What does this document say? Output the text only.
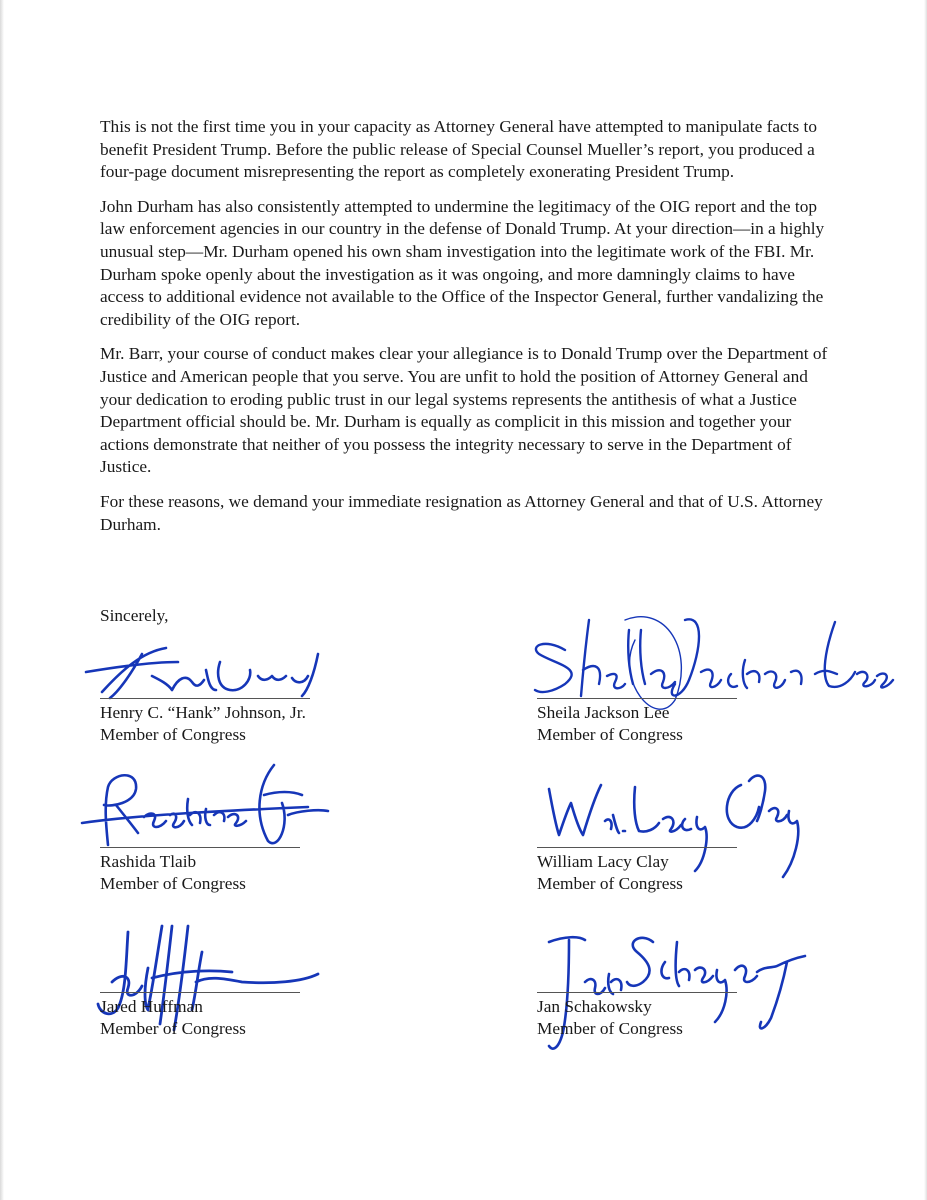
This is not the first time you in your capacity as Attorney General have attempted to manipulate facts to benefit President Trump. Before the public release of Special Counsel Mueller’s report, you produced a four-page document misrepresenting the report as completely exonerating President Trump.

John Durham has also consistently attempted to undermine the legitimacy of the OIG report and the top law enforcement agencies in our country in the defense of Donald Trump. At your direction—in a highly unusual step—Mr. Durham opened his own sham investigation into the legitimate work of the FBI. Mr. Durham spoke openly about the investigation as it was ongoing, and more damningly claims to have access to additional evidence not available to the Office of the Inspector General, further vandalizing the credibility of the OIG report.

Mr. Barr, your course of conduct makes clear your allegiance is to Donald Trump over the Department of Justice and American people that you serve. You are unfit to hold the position of Attorney General and your dedication to eroding public trust in our legal systems represents the antithesis of what a Justice Department official should be. Mr. Durham is equally as complicit in this mission and together your actions demonstrate that neither of you possess the integrity necessary to serve in the Department of Justice.

For these reasons, we demand your immediate resignation as Attorney General and that of U.S. Attorney Durham.

Sincerely,
Henry C. “Hank” Johnson, Jr.
Member of Congress
Sheila Jackson Lee
Member of Congress
Rashida Tlaib
Member of Congress
William Lacy Clay
Member of Congress
Jared Huffman
Member of Congress
Jan Schakowsky
Member of Congress
